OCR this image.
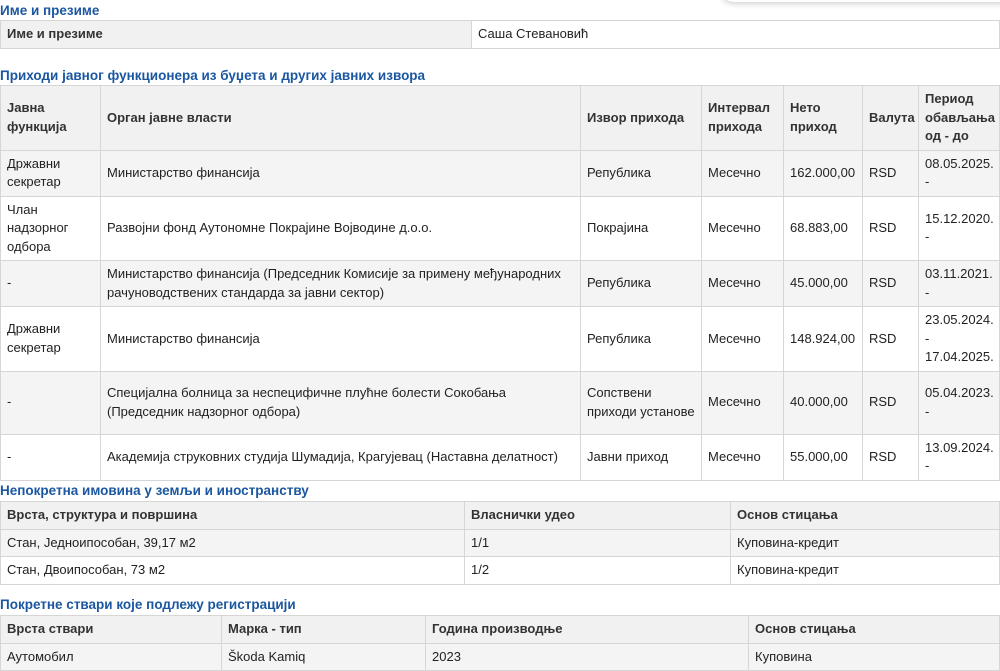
Име и презиме
Име и презиме	Саша Стевановић
Приходи јавног функционера из буџета и других јавних извора
Јавна функција	Орган јавне власти	Извор прихода	Интервал прихода	Нето приход	Валута	Период обављања од - до
Државни секретар	Министарство финансија	Република	Месечно	162.000,00	RSD	08.05.2025. -
Члан надзорног одбора	Развојни фонд Аутономне Покрајине Војводине д.о.о.	Покрајина	Месечно	68.883,00	RSD	15.12.2020. -
-	Министарство финансија (Председник Комисије за примену међународних рачуноводствених стандарда за јавни сектор)	Република	Месечно	45.000,00	RSD	03.11.2021. -
Државни секретар	Министарство финансија	Република	Месечно	148.924,00	RSD	23.05.2024. - 17.04.2025.
-	Специјална болница за неспецифичне плућне болести Сокобања (Председник надзорног одбора)	Сопствени приходи установе	Месечно	40.000,00	RSD	05.04.2023. -
-	Академија струковних студија Шумадија, Крагујевац (Наставна делатност)	Јавни приход	Месечно	55.000,00	RSD	13.09.2024. -
Непокретна имовина у земљи и иностранству
Врста, структура и површина	Власнички удео	Основ стицања
Стан, Једноипособан, 39,17 м2	1/1	Куповина-кредит
Стан, Двоипособан, 73 м2	1/2	Куповина-кредит
Покретне ствари које подлежу регистрацији
Врста ствари	Марка - тип	Година производње	Основ стицања
Аутомобил	Škoda Kamiq	2023	Куповина
